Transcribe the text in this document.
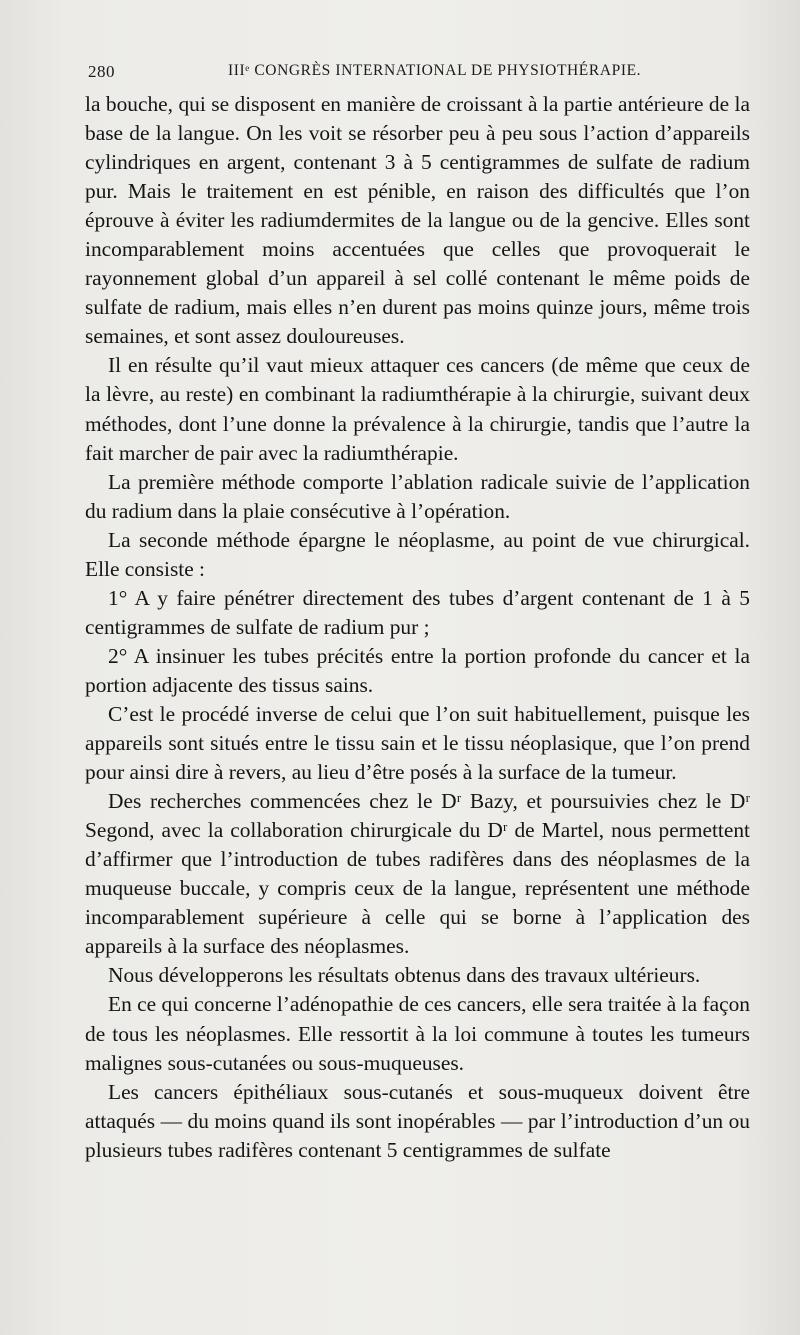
280	IIIᵉ CONGRÈS INTERNATIONAL DE PHYSIOTHÉRAPIE.

la bouche, qui se disposent en manière de croissant à la partie antérieure de la base de la langue. On les voit se résorber peu à peu sous l’action d’appareils cylindriques en argent, contenant 3 à 5 centigrammes de sulfate de radium pur. Mais le traitement en est pénible, en raison des difficultés que l’on éprouve à éviter les radiumdermites de la langue ou de la gencive. Elles sont incomparablement moins accentuées que celles que provoquerait le rayonnement global d’un appareil à sel collé contenant le même poids de sulfate de radium, mais elles n’en durent pas moins quinze jours, même trois semaines, et sont assez douloureuses.

Il en résulte qu’il vaut mieux attaquer ces cancers (de même que ceux de la lèvre, au reste) en combinant la radiumthérapie à la chirurgie, suivant deux méthodes, dont l’une donne la prévalence à la chirurgie, tandis que l’autre la fait marcher de pair avec la radiumthérapie.

La première méthode comporte l’ablation radicale suivie de l’application du radium dans la plaie consécutive à l’opération.

La seconde méthode épargne le néoplasme, au point de vue chirurgical. Elle consiste :

1° A y faire pénétrer directement des tubes d’argent contenant de 1 à 5 centigrammes de sulfate de radium pur ;

2° A insinuer les tubes précités entre la portion profonde du cancer et la portion adjacente des tissus sains.

C’est le procédé inverse de celui que l’on suit habituellement, puisque les appareils sont situés entre le tissu sain et le tissu néoplasique, que l’on prend pour ainsi dire à revers, au lieu d’être posés à la surface de la tumeur.

Des recherches commencées chez le Dʳ Bazy, et poursuivies chez le Dʳ Segond, avec la collaboration chirurgicale du Dʳ de Martel, nous permettent d’affirmer que l’introduction de tubes radifères dans des néoplasmes de la muqueuse buccale, y compris ceux de la langue, représentent une méthode incomparablement supérieure à celle qui se borne à l’application des appareils à la surface des néoplasmes.

Nous développerons les résultats obtenus dans des travaux ultérieurs.

En ce qui concerne l’adénopathie de ces cancers, elle sera traitée à la façon de tous les néoplasmes. Elle ressortit à la loi commune à toutes les tumeurs malignes sous-cutanées ou sous-muqueuses.

Les cancers épithéliaux sous-cutanés et sous-muqueux doivent être attaqués — du moins quand ils sont inopérables — par l’introduction d’un ou plusieurs tubes radifères contenant 5 centigrammes de sulfate
